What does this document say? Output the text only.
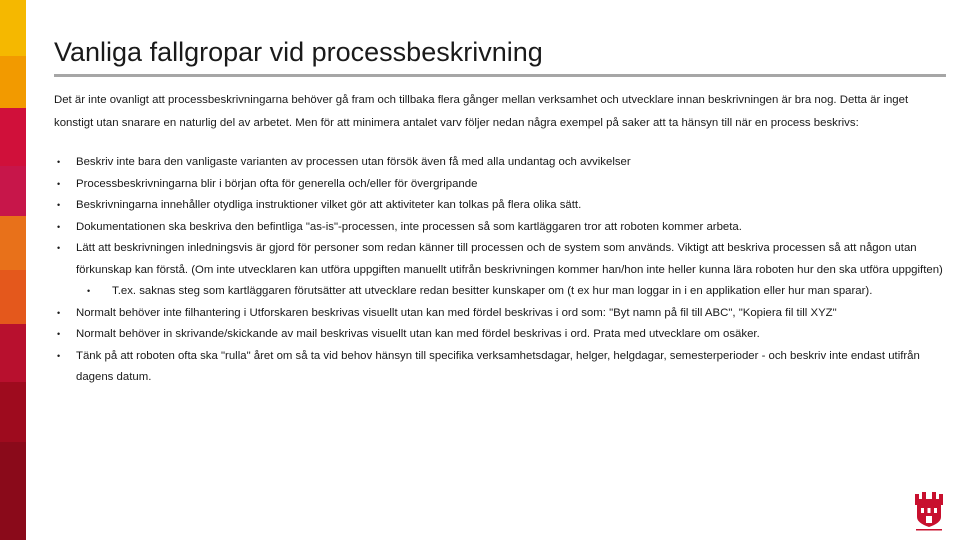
Vanliga fallgropar vid processbeskrivning

Det är inte ovanligt att processbeskrivningarna behöver gå fram och tillbaka flera gånger mellan verksamhet och utvecklare innan beskrivningen är bra nog. Detta är inget konstigt utan snarare en naturlig del av arbetet. Men för att minimera antalet varv följer nedan några exempel på saker att ta hänsyn till när en process beskrivs:

• Beskriv inte bara den vanligaste varianten av processen utan försök även få med alla undantag och avvikelser
• Processbeskrivningarna blir i början ofta för generella och/eller för övergripande
• Beskrivningarna innehåller otydliga instruktioner vilket gör att aktiviteter kan tolkas på flera olika sätt.
• Dokumentationen ska beskriva den befintliga "as-is"-processen, inte processen så som kartläggaren tror att roboten kommer arbeta.
• Lätt att beskrivningen inledningsvis är gjord för personer som redan känner till processen och de system som används. Viktigt att beskriva processen så att någon utan förkunskap kan förstå. (Om inte utvecklaren kan utföra uppgiften manuellt utifrån beskrivningen kommer han/hon inte heller kunna lära roboten hur den ska utföra uppgiften)
• T.ex. saknas steg som kartläggaren förutsätter att utvecklare redan besitter kunskaper om (t ex hur man loggar in i en applikation eller hur man sparar).
• Normalt behöver inte filhantering i Utforskaren beskrivas visuellt utan kan med fördel beskrivas i ord som: "Byt namn på fil till ABC", "Kopiera fil till XYZ"
• Normalt behöver in skrivande/skickande av mail beskrivas visuellt utan kan med fördel beskrivas i ord. Prata med utvecklare om osäker.
• Tänk på att roboten ofta ska "rulla" året om så ta vid behov hänsyn till specifika verksamhetsdagar, helger, helgdagar, semesterperioder - och beskriv inte endast utifrån dagens datum.
